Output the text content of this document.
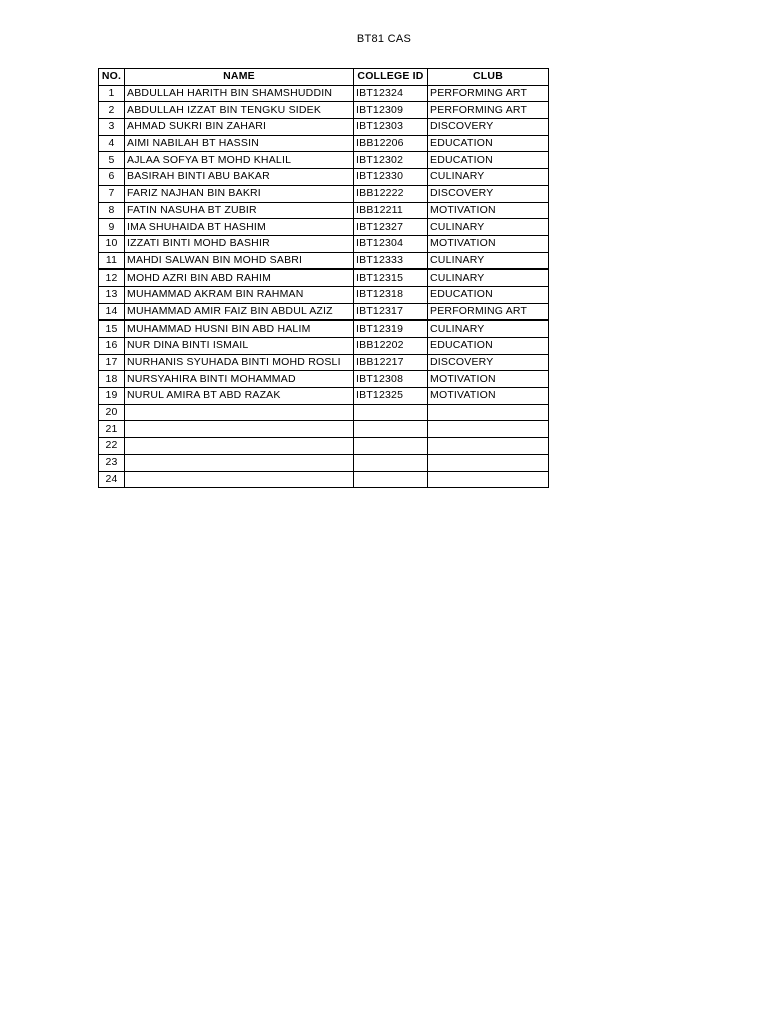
BT81 CAS
NO.	NAME	COLLEGE ID	CLUB
1	ABDULLAH HARITH BIN SHAMSHUDDIN	IBT12324	PERFORMING ART
2	ABDULLAH IZZAT BIN TENGKU SIDEK	IBT12309	PERFORMING ART
3	AHMAD SUKRI BIN ZAHARI	IBT12303	DISCOVERY
4	AIMI NABILAH BT HASSIN	IBB12206	EDUCATION
5	AJLAA SOFYA BT MOHD KHALIL	IBT12302	EDUCATION
6	BASIRAH BINTI ABU BAKAR	IBT12330	CULINARY
7	FARIZ NAJHAN BIN BAKRI	IBB12222	DISCOVERY
8	FATIN NASUHA BT ZUBIR	IBB12211	MOTIVATION
9	IMA SHUHAIDA BT HASHIM	IBT12327	CULINARY
10	IZZATI BINTI MOHD BASHIR	IBT12304	MOTIVATION
11	MAHDI SALWAN BIN MOHD SABRI	IBT12333	CULINARY
12	MOHD AZRI BIN ABD RAHIM	IBT12315	CULINARY
13	MUHAMMAD AKRAM BIN RAHMAN	IBT12318	EDUCATION
14	MUHAMMAD AMIR FAIZ BIN ABDUL AZIZ	IBT12317	PERFORMING ART
15	MUHAMMAD HUSNI BIN ABD HALIM	IBT12319	CULINARY
16	NUR DINA BINTI ISMAIL	IBB12202	EDUCATION
17	NURHANIS SYUHADA BINTI MOHD ROSLI	IBB12217	DISCOVERY
18	NURSYAHIRA BINTI MOHAMMAD	IBT12308	MOTIVATION
19	NURUL AMIRA BT ABD RAZAK	IBT12325	MOTIVATION
20			
21			
22			
23			
24			
